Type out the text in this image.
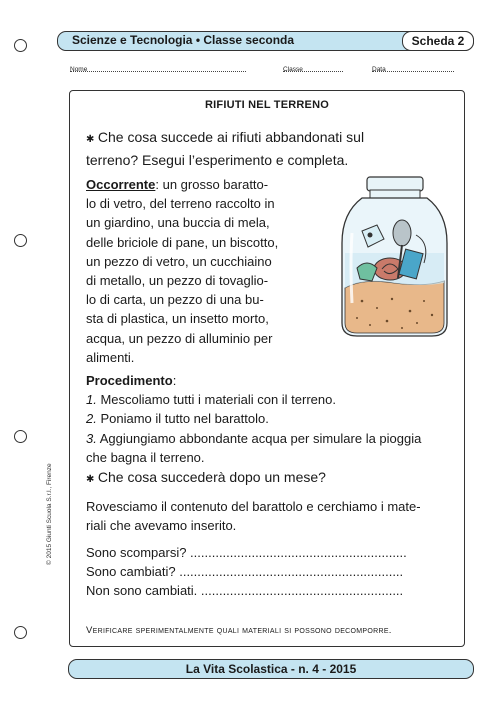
Scienze e Tecnologia • Classe seconda	Scheda 2
Nome	Classe	Data
RIFIUTI NEL TERRENO
✱ Che cosa succede ai rifiuti abbandonati sul
terreno? Esegui l’esperimento e completa.
Occorrente: un grosso baratto-
lo di vetro, del terreno raccolto in
un giardino, una buccia di mela,
delle briciole di pane, un biscotto,
un pezzo di vetro, un cucchiaino
di metallo, un pezzo di tovagliо-
lo di carta, un pezzo di una bu-
sta di plastica, un insetto morto,
acqua, un pezzo di alluminio per
alimenti.
Procedimento:
1. Mescoliamo tutti i materiali con il terreno.
2. Poniamo il tutto nel barattolo.
3. Aggiungiamo abbondante acqua per simulare la pioggia
che bagna il terreno.
✱ Che cosa succederà dopo un mese?
Rovesciamo il contenuto del barattolo e cerchiamo i mate-
riali che avevamo inserito.
Sono scomparsi? ............................................................
Sono cambiati? ..............................................................
Non sono cambiati. ........................................................
Verificare sperimentalmente quali materiali si possono decomporre.
© 2015 Giunti Scuola S.r.l., Firenze
La Vita Scolastica - n. 4 - 2015
